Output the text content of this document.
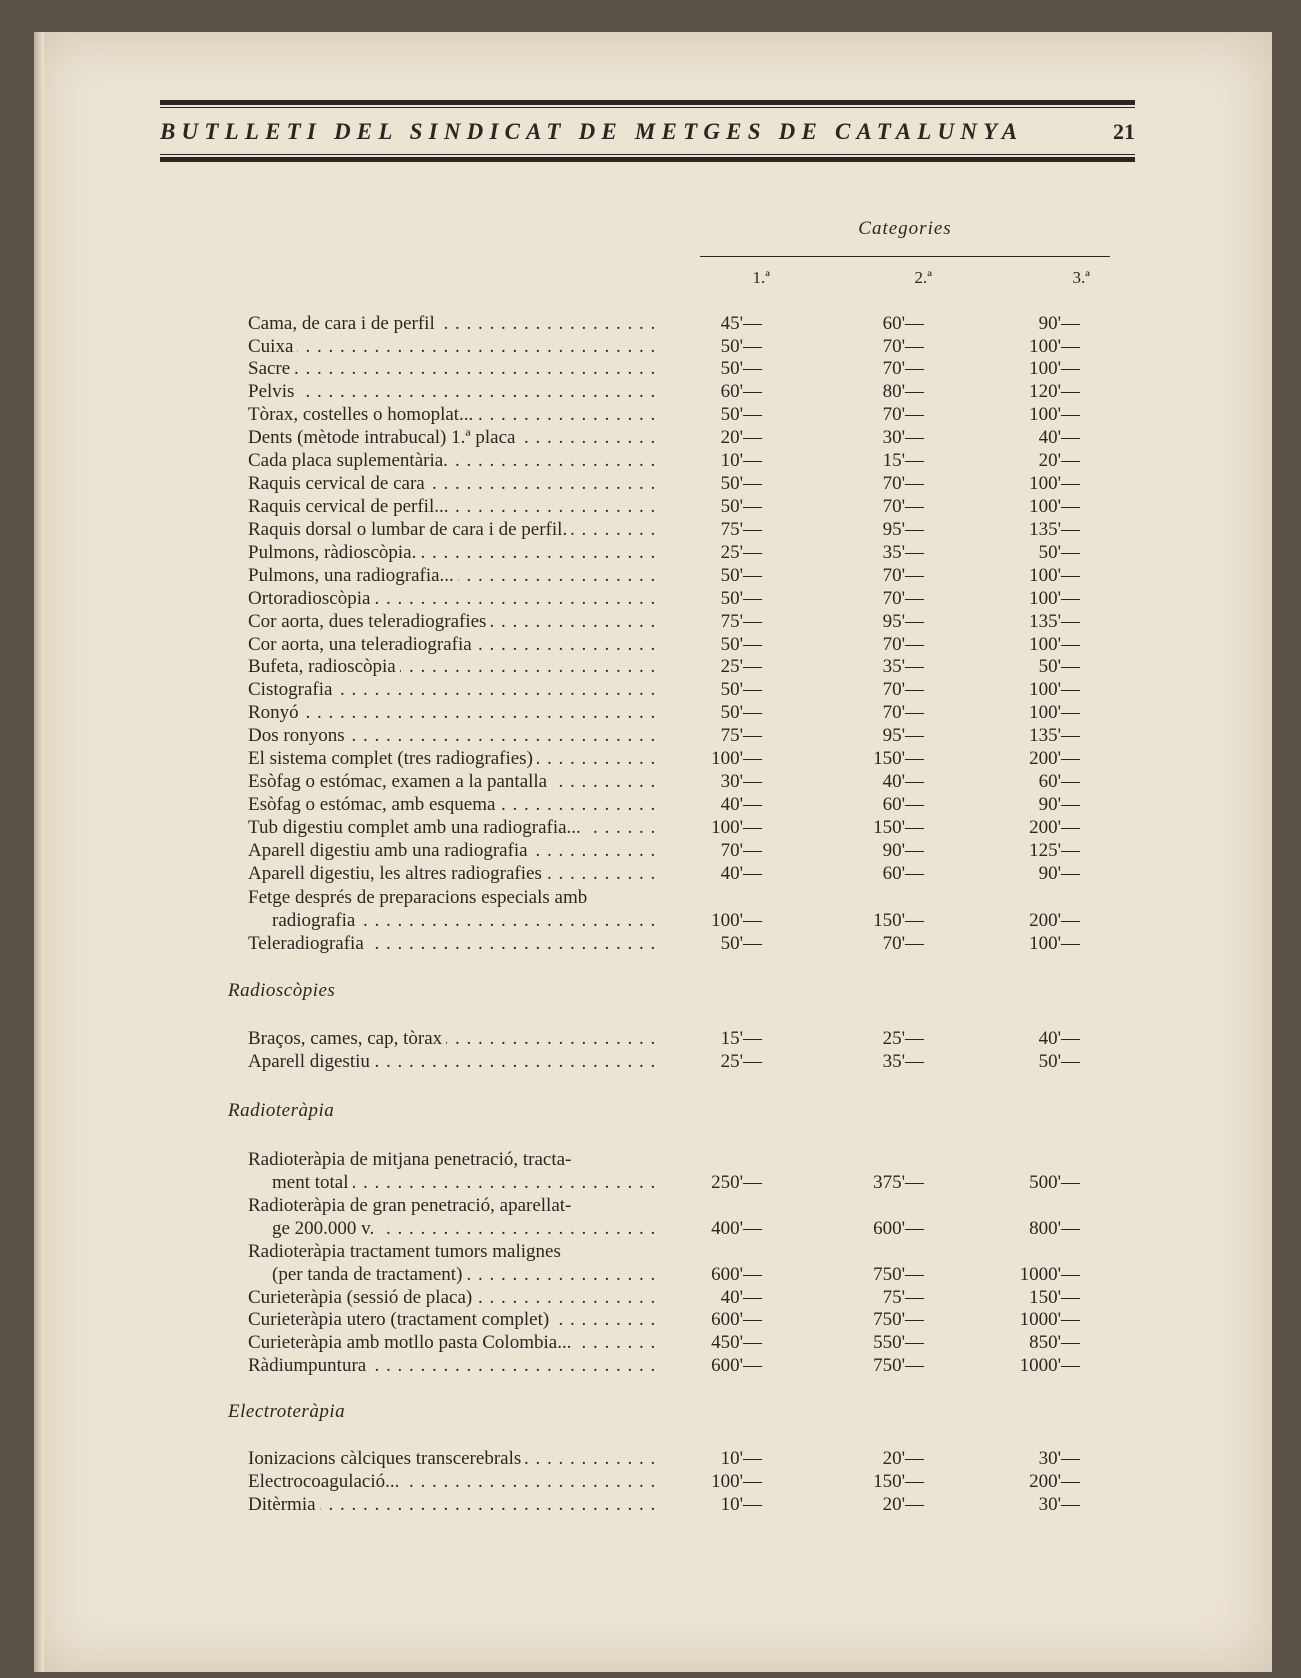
BUTLLETI DEL SINDICAT DE METGES DE CATALUNYA	21
Categories
1.ª	2.ª	3.ª
Cama, de cara i de perfil . . .	45'—	60'—	90'—
Cuixa . . .	50'—	70'—	100'—
Sacre . . .	50'—	70'—	100'—
Pelvis . . .	60'—	80'—	120'—
Tòrax, costelles o homoplat... . . .	50'—	70'—	100'—
Dents (mètode intrabucal) 1.ª placa . . .	20'—	30'—	40'—
Cada placa suplementària. . . .	10'—	15'—	20'—
Raquis cervical de cara . . .	50'—	70'—	100'—
Raquis cervical de perfil... . . .	50'—	70'—	100'—
Raquis dorsal o lumbar de cara i de perfil. . . .	75'—	95'—	135'—
Pulmons, ràdioscòpia. . . .	25'—	35'—	50'—
Pulmons, una radiografia... . . .	50'—	70'—	100'—
Ortoradioscòpia . . .	50'—	70'—	100'—
Cor aorta, dues teleradiografies . . .	75'—	95'—	135'—
Cor aorta, una teleradiografia . . .	50'—	70'—	100'—
Bufeta, radioscòpia . . .	25'—	35'—	50'—
Cistografia . . .	50'—	70'—	100'—
Ronyó . . .	50'—	70'—	100'—
Dos ronyons . . .	75'—	95'—	135'—
El sistema complet (tres radiografies) . . .	100'—	150'—	200'—
Esòfag o estómac, examen a la pantalla . . .	30'—	40'—	60'—
Esòfag o estómac, amb esquema . . .	40'—	60'—	90'—
Tub digestiu complet amb una radiografia... . . .	100'—	150'—	200'—
Aparell digestiu amb una radiografia . . .	70'—	90'—	125'—
Aparell digestiu, les altres radiografies . . .	40'—	60'—	90'—
Fetge després de preparacions especials amb
radiografia . . .	100'—	150'—	200'—
Teleradiografia . . .	50'—	70'—	100'—
Radioscòpies
Braços, cames, cap, tòrax . . .	15'—	25'—	40'—
Aparell digestiu . . .	25'—	35'—	50'—
Radioteràpia
Radioteràpia de mitjana penetració, tracta-
ment total . . .	250'—	375'—	500'—
Radioteràpia de gran penetració, aparellat-
ge 200.000 v. . . .	400'—	600'—	800'—
Radioteràpia tractament tumors malignes
(per tanda de tractament) . . .	600'—	750'—	1000'—
Curieteràpia (sessió de placa) . . .	40'—	75'—	150'—
Curieteràpia utero (tractament complet) . . .	600'—	750'—	1000'—
Curieteràpia amb motllo pasta Colombia... . . .	450'—	550'—	850'—
Ràdiumpuntura . . .	600'—	750'—	1000'—
Electroteràpia
Ionizacions càlciques transcerebrals . . .	10'—	20'—	30'—
Electrocoagulació... . . .	100'—	150'—	200'—
Ditèrmia . . .	10'—	20'—	30'—
